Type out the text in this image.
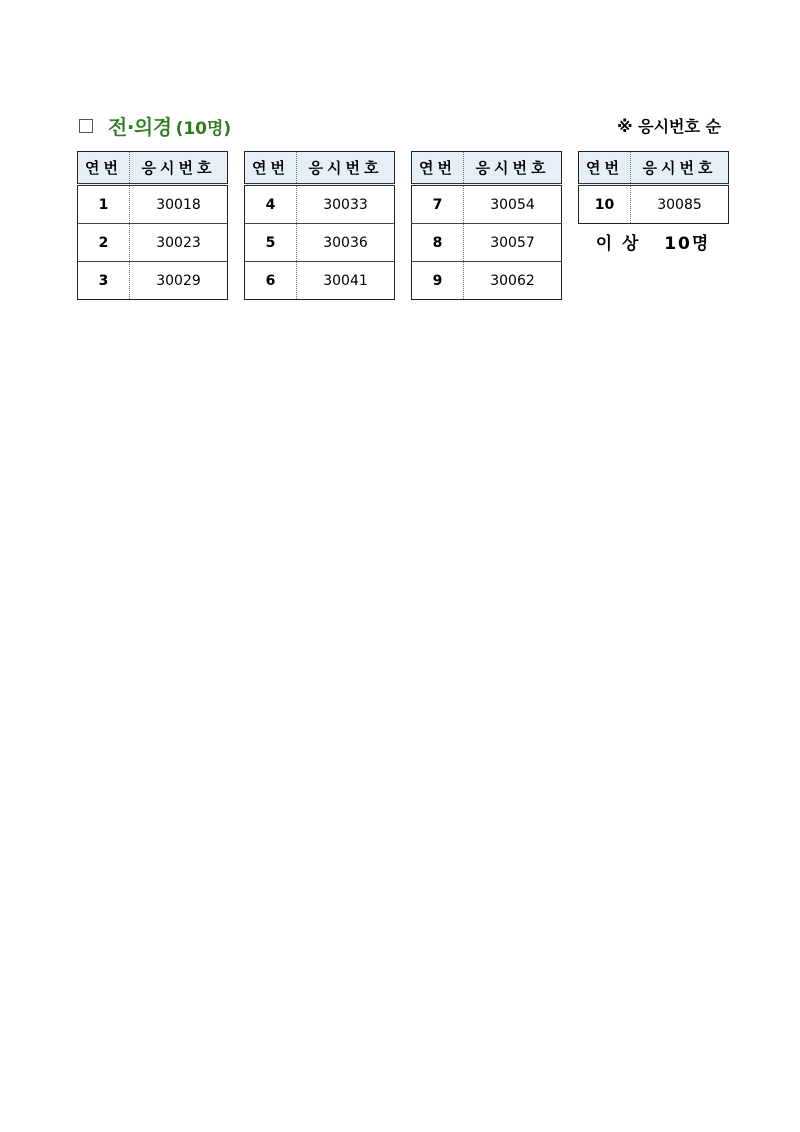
전·의경 (10명)	※ 응시번호 순
연번	응시번호
1	30018
2	30023
3	30029
연번	응시번호
4	30033
5	30036
6	30041
연번	응시번호
7	30054
8	30057
9	30062
연번	응시번호
10	30085
이 상   10명
